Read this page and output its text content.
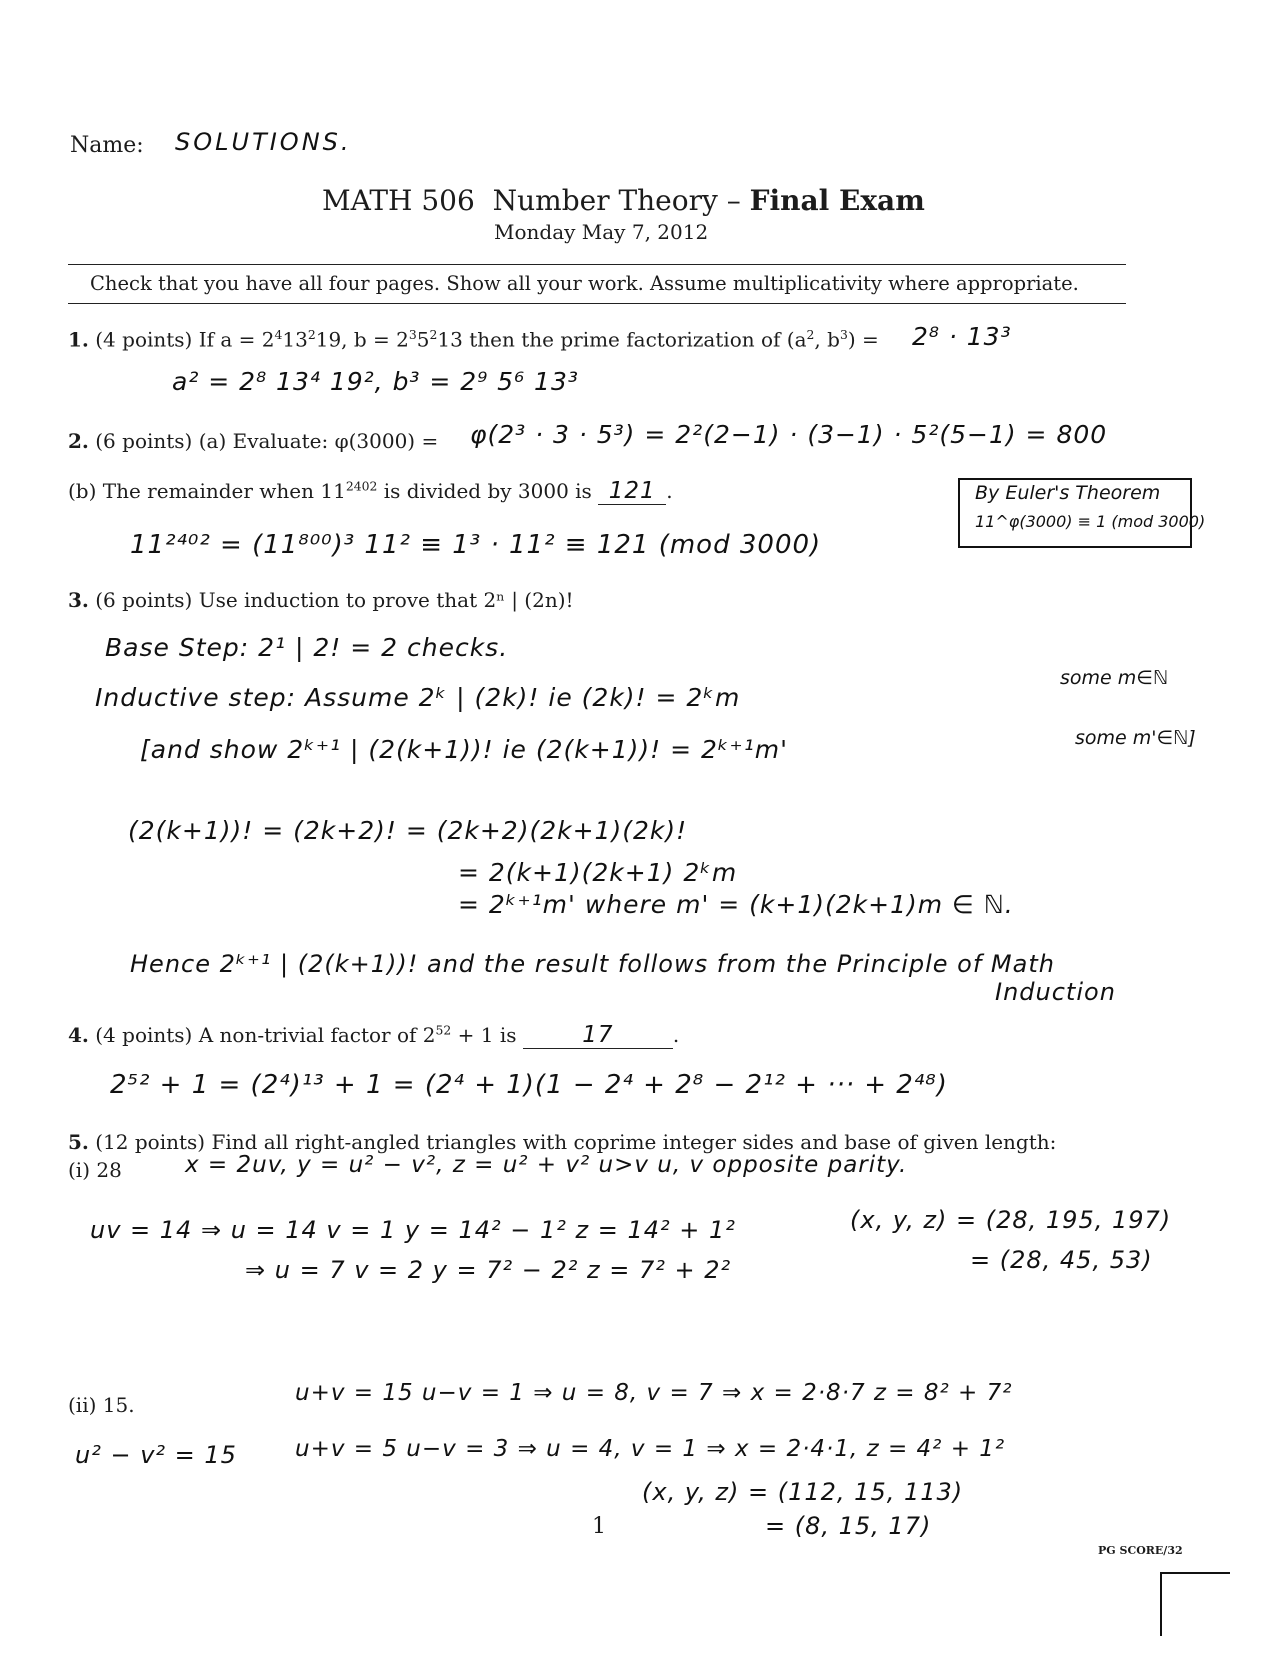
Name: SOLUTIONS.
MATH 506 Number Theory – Final Exam
Monday May 7, 2012
Check that you have all four pages. Show all your work. Assume multiplicativity where appropriate.
1. (4 points) If $a = 2^413^219$, $b = 2^35^213$ then the prime factorization of ($a^2$, $b^3) = 2^8 \cdot 13^3$
a² = 2⁸ 13⁴ 19², b³ = 2⁹ 5⁶ 13³
2. (6 points) (a) Evaluate: φ(3000) = φ(2³ · 3 · 5³) = 2²(2−1) · (3−1) · 5²(5−1) = 800
(b) The remainder when $11^{2402}$ is divided by 3000 is 121 .
11²⁴⁰² = (11⁸⁰⁰)³ 11² ≡ 1³ · 11² ≡ 121 (mod 3000)
By Euler's Theorem
11^φ(3000) ≡ 1 (mod 3000)
3. (6 points) Use induction to prove that 2ⁿ | (2n)!
Base Step: 2¹ | 2! = 2 checks.
Inductive step: Assume 2ᵏ | (2k)! ie (2k)! = 2ᵏm
some m∈ℕ
[and show 2ᵏ⁺¹ | (2(k+1))! ie (2(k+1))! = 2ᵏ⁺¹m'	some m'∈ℕ]
(2(k+1))! = (2k+2)! = (2k+2)(2k+1)(2k)!
= 2(k+1)(2k+1) 2ᵏm
= 2ᵏ⁺¹m' where m' = (k+1)(2k+1)m ∈ ℕ.
Hence 2ᵏ⁺¹ | (2(k+1))! and the result follows from the Principle of Math
Induction
4. (4 points) A non-trivial factor of $2^{52} + 1$ is	17	.
2⁵² + 1 = (2⁴)¹³ + 1 = (2⁴ + 1)(1 − 2⁴ + 2⁸ − 2¹² + ··· + 2⁴⁸)
5. (12 points) Find all right-angled triangles with coprime integer sides and base of given length:
(i) 28	x = 2uv, y = u² − v², z = u² + v² u>v u, v opposite parity.
uv = 14 ⇒ u = 14 v = 1 y = 14² − 1² z = 14² + 1²	(x, y, z) = (28, 195, 197)
⇒ u = 7 v = 2 y = 7² − 2² z = 7² + 2²	= (28, 45, 53)
(ii) 15.	u+v = 15 u−v = 1 ⇒ u = 8, v = 7 ⇒ x = 2·8·7 z = 8² + 7²
u² − v² = 15	u+v = 5 u−v = 3 ⇒ u = 4, v = 1 ⇒ x = 2·4·1, z = 4² + 1²
(x, y, z) = (112, 15, 113)
= (8, 15, 17)
1
PG SCORE/32
